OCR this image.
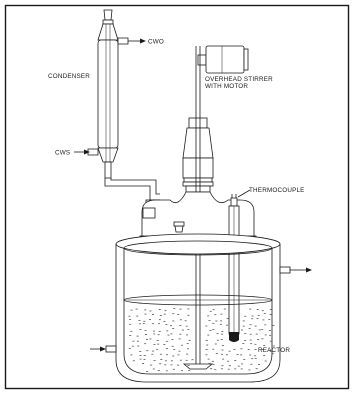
CWO
CWS
CONDENSER	OVERHEAD STIRRER
WITH MOTOR
THERMOCOUPLE
REACTOR
